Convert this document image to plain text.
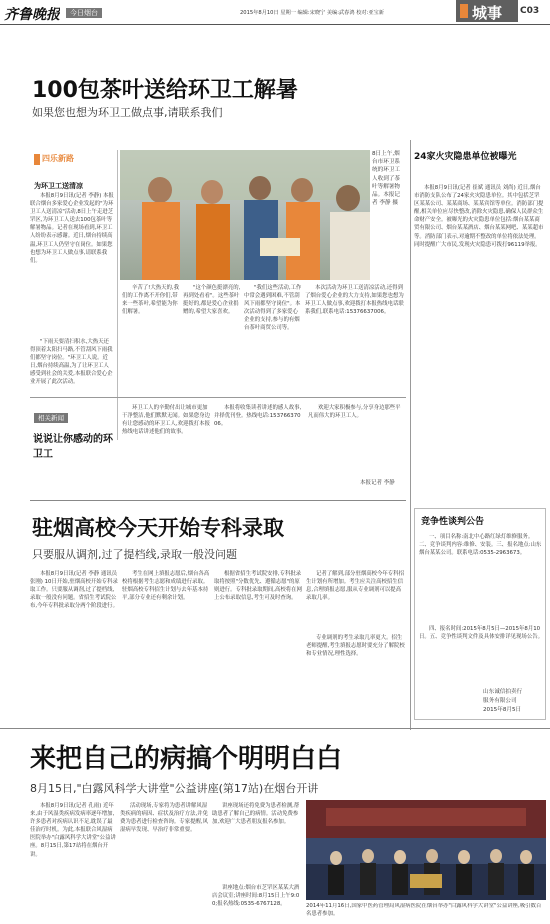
齐鲁晚报	今日烟台	2015年8月10日 星期一 编辑:宋晓宁 美编:武春鸿 校对:亚宝新	城事 C03
100包茶叶送给环卫工解暑
如果您也想为环卫工做点事,请联系我们
四乐新路
为环卫工送清凉

本报8月9日讯(记者 李静) 本报联合烟台多家爱心企业发起的"为环卫工人送清凉"活动,8日上午走进芝罘区,为环卫工人送去100包茶叶等解暑物品。记者在现场看到,环卫工人纷纷表示感谢。近日,烟台持续高温,环卫工人仍坚守在岗位。如果您也想为环卫工人做点事,请联系我们。

"下雨天要清扫积水,大热天还得顶着太阳扫马路,不管刮风下雨我们都坚守岗位。"环卫工人说。近日,烟台持续高温,为了让环卫工人感受到社会的关爱,本报联合爱心企业开展了此次活动。

8日上午,烟台市环卫系统的环卫工人收到了茶叶等解暑物品。本报记者 李静 摄

辛苦了!大热天的,我们的工作离不开你们,带来一些茶叶,希望能为你们解暑。

"这个颜色挺漂亮的,再到处看看"。这些茶叶挺好的,都是爱心企业捐赠的,希望大家喜欢。

"我们这些活动,工作中常会遇到困难,不管刮风下雨都坚守岗位"。本次活动得到了多家爱心企业的支持,参与的有烟台茶叶商贸公司等。

本次活动为环卫工送清凉活动,还得到了烟台爱心企业的大力支持,如果您也想为环卫工人做点事,欢迎拨打本报热线电话联系我们,联系电话:15376637006。

相关新闻
说说让你感动的环卫工

环卫工人的辛勤付出让城市更加干净整洁,他们默默无闻。如果您身边有让您感动的环卫工人,欢迎拨打本报热线电话讲述他们的故事。

本报将收集读者讲述的感人故事,并择优刊登。热线电话:15376637006。

欢迎大家积极参与,分享身边那些平凡而伟大的环卫工人。

本报记者 李静
24家火灾隐患单位被曝光

本报8月9日讯(记者 崔斌 通讯员 刘尚) 近日,烟台市消防支队公布了24家火灾隐患单位。其中包括芝罘区某某公司、某某商场、某某宾馆等单位。消防部门提醒,相关单位应尽快整改,消除火灾隐患,确保人民群众生命财产安全。被曝光的火灾隐患单位包括:烟台某某商贸有限公司、烟台某某酒店、烟台某某网吧、某某超市等。消防部门表示,对逾期不整改的单位将依法处理。同时提醒广大市民,发现火灾隐患可拨打96119举报。

竞争性谈判公告

一、项目名称:南北中心路红绿灯维修服务。二、竞争谈判内容:维修、安装。三、报名地点:山东烟台某某公司。联系电话:0535-2963673。

四、报名时间:2015年8月5日—2015年8月10日。五、竞争性谈判文件及具体安排详见现场公告。

山东诚信拍卖行
服务有限公司
2015年8月5日
驻烟高校今天开始专科录取
只要服从调剂,过了提档线,录取一般没问题

本报8月9日讯(记者 李静 通讯员 张刚) 10日开始,驻烟高校开始专科录取工作。只要服从调剂,过了提档线,录取一般没有问题。省招生考试院公布,今年专科批录取分两个阶段进行。

考生在网上填报志愿后,烟台各高校将根据考生志愿和成绩进行录取。驻烟高校专科招生计划与去年基本持平,部分专业还有剩余计划。

根据省招生考试院安排,专科批录取将按照"分数优先、遵循志愿"的原则进行。专科批录取期间,高校将在网上公布录取信息,考生可及时查询。

记者了解到,部分驻烟高校今年专科招生计划有所增加。考生应关注高校招生信息,合理填报志愿,服从专业调剂可以提高录取几率。

专业调剂的考生录取几率更大。招生老师提醒,考生填报志愿时要充分了解院校和专业情况,理性选择。

来把自己的病搞个明明白白
8月15日,"白露风科学大讲堂"公益讲座(第17站)在烟台开讲

本报8月9日讯(记者 孔雨) 近年来,由于风湿类疾病发病率逐年增加,许多患者对疾病认识不足,耽误了最佳治疗时机。为此,本报联合风湿病医院举办"白露风科学大讲堂"公益讲座。8月15日,第17站将在烟台开讲。

活动现场,专家将为患者讲解风湿类疾病的病因、症状及治疗方法,并免费为患者进行检查咨询。专家提醒,风湿病早发现、早治疗非常重要。

讲座现场还将免费为患者检测,帮助患者了解自己的病情。活动免费参加,欢迎广大患者朋友报名参加。

讲座地点:烟台市芝罘区某某大酒店会议室;讲座时间:8月15日上午9:00;报名热线:0535-6767128。	2014年11月16日,国家中医药管理局风湿病医院在烟台举办"白露风科学大讲堂"公益讲座,吸引数百名患者参加。
